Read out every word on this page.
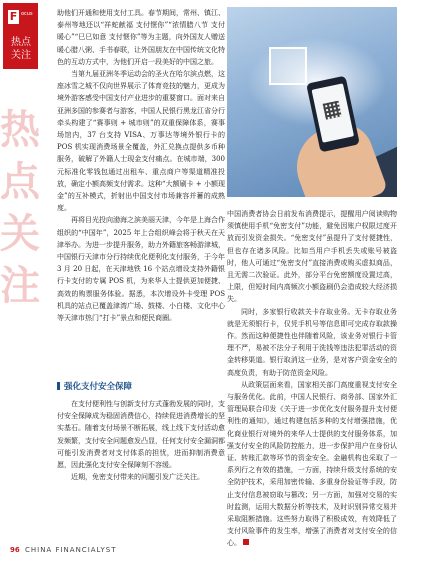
F ocus
热点
关注
热
点
关
注

助他们开通和使用支付工具。春节期间，常州、镇江、泰州等地还以“祥蛇献福 支付惬你”“浓情腊八节 支付暖心”“巳巳如意 支付惬你”等为主题，向外国友人赠送暖心腊八粥、手书春联，让外国朋友在中国传统文化特色的互动方式中，为他们开启一段美好的中国之旅。

当第九届亚洲冬季运动会的圣火在哈尔滨点燃，这座冰雪之城不仅向世界展示了体育竞技的魅力，更成为境外游客感受中国支付产业进步的重要窗口。面对来自亚洲多国的参赛者与游客，中国人民银行黑龙江省分行牵头构建了“赛事则 + 城市则”的双重保障体系，赛事场馆内，37 台支持 VISA、万事达等境外银行卡的 POS 机实现消费场景全覆盖，外汇兑换点提供多币种服务，破解了外籍人士现金支付痛点。在城市端，300 元标准化零钱包通过出租车、重点商户等渠道精准投放，确定小额高频支付需求。这种“大额刷卡 + 小额现金”的互补模式，折射出中国支付市场兼容并蓄的成熟度。

再将目光投向渤海之滨美丽天津，今年是上海合作组织的“中国年”，2025 年上合组织峰会将于秋天在天津举办。为进一步提升服务，助力外籍旅客畅游津城，中国银行天津市分行持续优化便利化支付服务，于今年 3 月 20 日起，在天津地铁 16 个站点增设支持外籍银行卡支付的专属 POS 机，为来华人士提供更加便捷、高效的购票服务体验。据悉，本次增设外卡受理 POS 机具的站点已覆盖津湾广场、鼓楼、小白楼、文化中心等天津市热门“打卡”景点和便民商圈。

强化支付安全保障

在支付便利性与创新支付方式蓬勃发展的同时，支付安全保障成为稳固消费信心，持续促进消费增长的坚实基石。随着支付场景不断拓展，线上线下支付活动愈发频繁，支付安全问题愈发凸显，任何支付安全漏洞都可能引发消费者对支付体系的担忧，进而抑制消费意愿，因此强化支付安全保障刻不容缓。

近期，免密支付带来的问题引发广泛关注。

中国消费者协会日前发布消费提示，提醒用户阅读购物须慎使用手机“免密支付”功能，避免因账户权限过度开放而引发资金损失。“免密支付”虽提升了支付便捷性，但也存在诸多风险。比如当用户手机丢失或账号被盗时，他人可通过“免密支付”直接消费或购买虚拟商品，且无需二次验证。此外，部分平台免密额度设置过高，上限，但短时间内高频次小额盗刷仍会造成较大经济损失。

同时，多家银行收款关卡存取业务。无卡存取业务就是无须银行卡，仅凭手机号等信息即可完成存取款操作。然而这种便捷性也伴随着风险，该业务对银行卡管理不严，易被不法分子利用于洗钱等违法犯罪活动的资金转移渠道。银行取消这一业务，是对客户资金安全的高度负责，有助于防范资金风险。

从政策层面来看，国家相关部门高度重视支付安全与服务优化。此前，中国人民银行、商务部、国家外汇管理局联合印发《关于进一步优化支付服务提升支付便利性的通知》，通过构建包括多种的支付增强措施，优化商业银行对境外的来华人士提供的支付服务体系，加强支付安全的风险防控能力，进一步保护用户在身份认证、转账汇款等环节的资金安全。金融机构也采取了一系列行之有效的措施，一方面，持续升级支付系统的安全防护技术，采用加密传输、多重身份验证等手段，防止支付信息被窃取与篡改；另一方面，加强对交易的实时监测，运用大数据分析等技术，及时识别异常交易并采取阻断措施。这些努力取得了积极成效，有效降低了支付风险事件的发生率，增强了消费者对支付安全的信心。

96 CHINA FINANCIALYST
